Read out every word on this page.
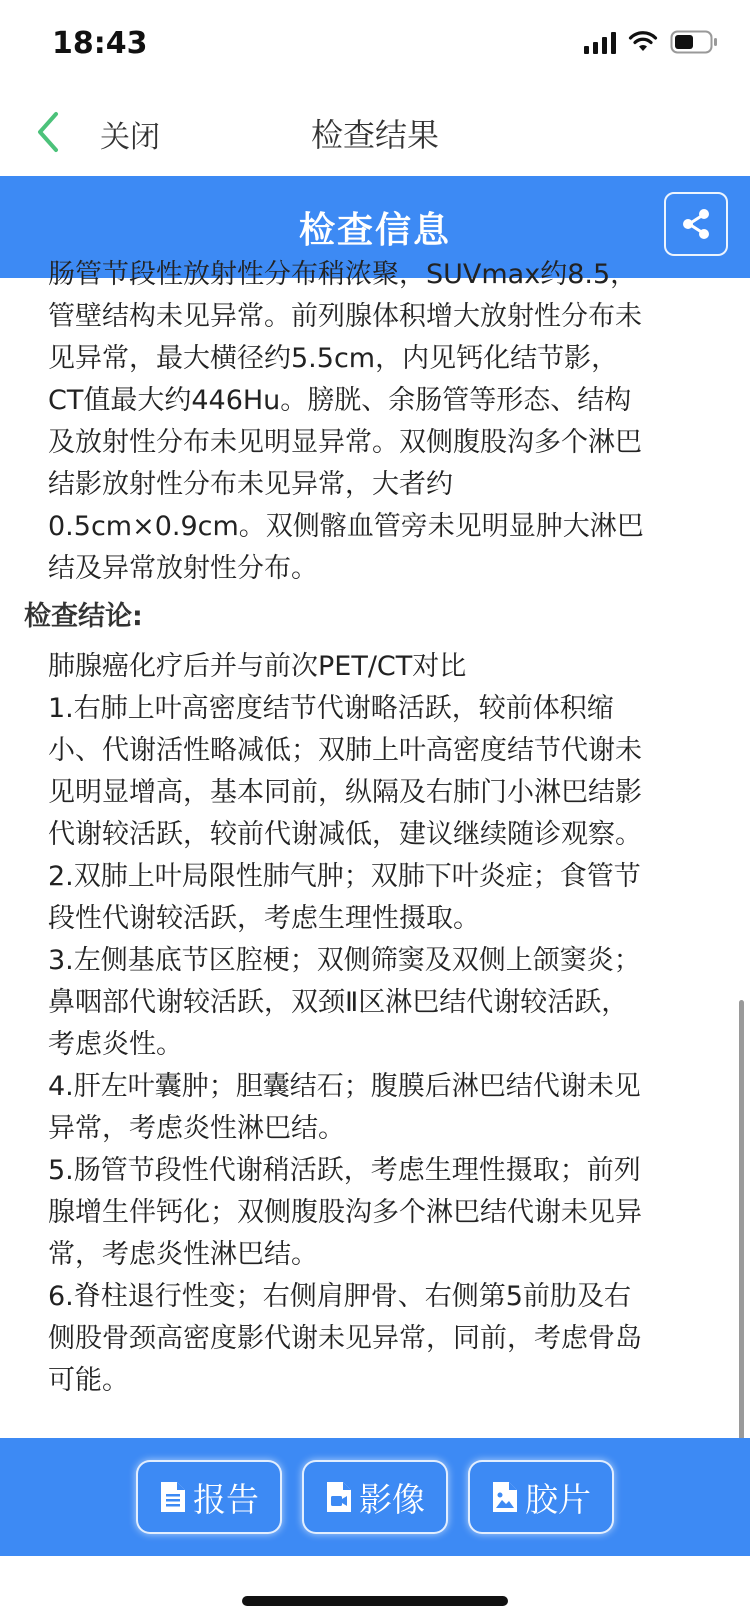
18:43
关闭	检查结果
检查信息
肠管节段性放射性分布稍浓聚，SUVmax约8.5，
管壁结构未见异常。前列腺体积增大放射性分布未
见异常，最大横径约5.5cm，内见钙化结节影，
CT值最大约446Hu。膀胱、余肠管等形态、结构
及放射性分布未见明显异常。双侧腹股沟多个淋巴
结影放射性分布未见异常，大者约
0.5cm×0.9cm。双侧髂血管旁未见明显肿大淋巴
结及异常放射性分布。
检查结论:
肺腺癌化疗后并与前次PET/CT对比
1.右肺上叶高密度结节代谢略活跃，较前体积缩
小、代谢活性略减低；双肺上叶高密度结节代谢未
见明显增高，基本同前，纵隔及右肺门小淋巴结影
代谢较活跃，较前代谢减低，建议继续随诊观察。
2.双肺上叶局限性肺气肿；双肺下叶炎症；食管节
段性代谢较活跃，考虑生理性摄取。
3.左侧基底节区腔梗；双侧筛窦及双侧上颌窦炎；
鼻咽部代谢较活跃，双颈Ⅱ区淋巴结代谢较活跃，
考虑炎性。
4.肝左叶囊肿；胆囊结石；腹膜后淋巴结代谢未见
异常，考虑炎性淋巴结。
5.肠管节段性代谢稍活跃，考虑生理性摄取；前列
腺增生伴钙化；双侧腹股沟多个淋巴结代谢未见异
常，考虑炎性淋巴结。
6.脊柱退行性变；右侧肩胛骨、右侧第5前肋及右
侧股骨颈高密度影代谢未见异常，同前，考虑骨岛
可能。
报告	影像	胶片
